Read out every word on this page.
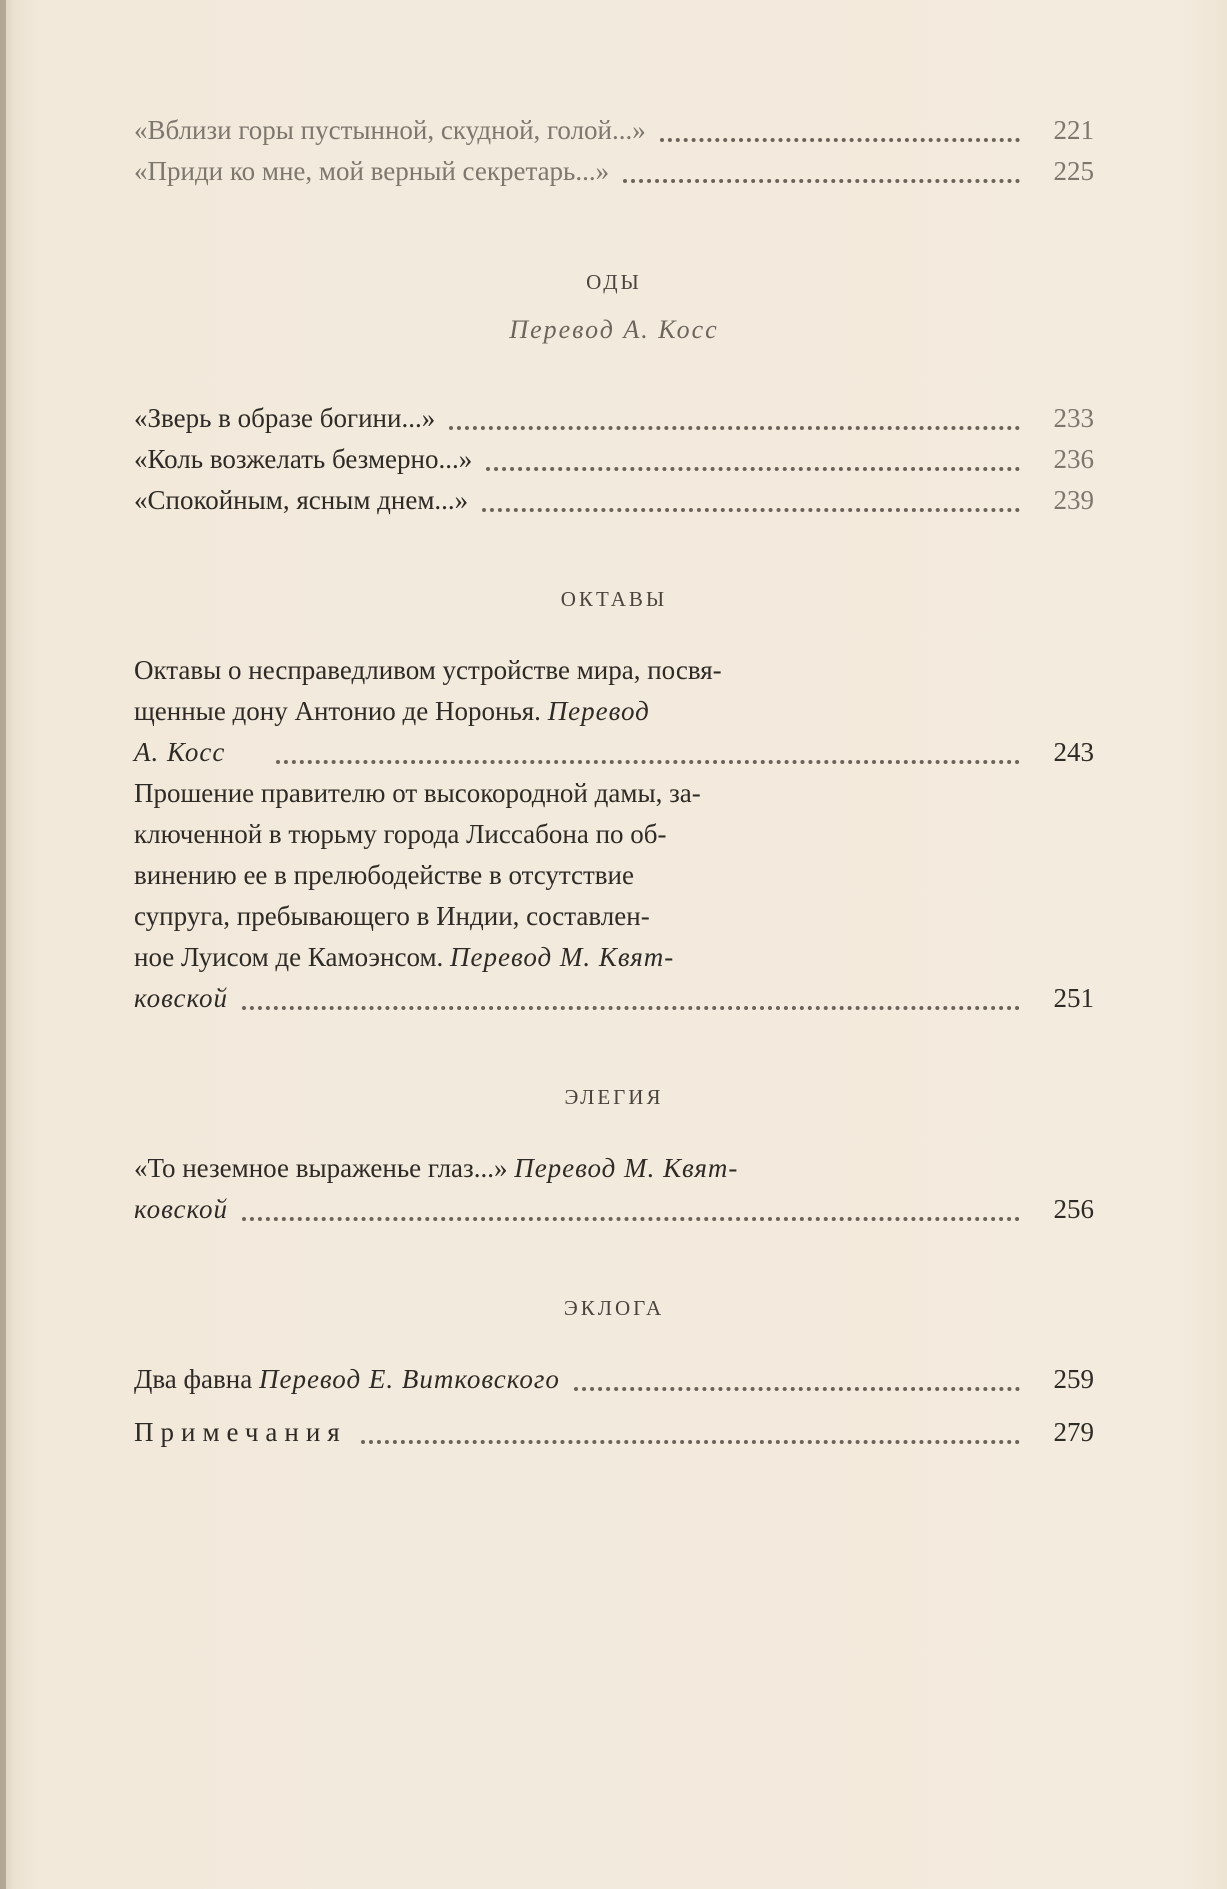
«Вблизи горы пустынной, скудной, голой...»	221
«Приди ко мне, мой верный секретарь...»	225

ОДЫ

Перевод А. Косс

«Зверь в образе богини...»	233
«Коль возжелать безмерно...»	236
«Спокойным, ясным днем...»	239

ОКТАВЫ

Октавы о несправедливом устройстве мира, посвя-
щенные дону Антонио де Норонья. Перевод
А. Косс	243
Прошение правителю от высокородной дамы, за-
ключенной в тюрьму города Лиссабона по об-
винению ее в прелюбодействе в отсутствие
супруга, пребывающего в Индии, составлен-
ное Луисом де Камоэнсом. Перевод М. Квят-
ковской	251

ЭЛЕГИЯ

«То неземное выраженье глаз...» Перевод М. Квят-
ковской	256

ЭКЛОГА

Два фавна Перевод Е. Витковского	259
Примечания	279
